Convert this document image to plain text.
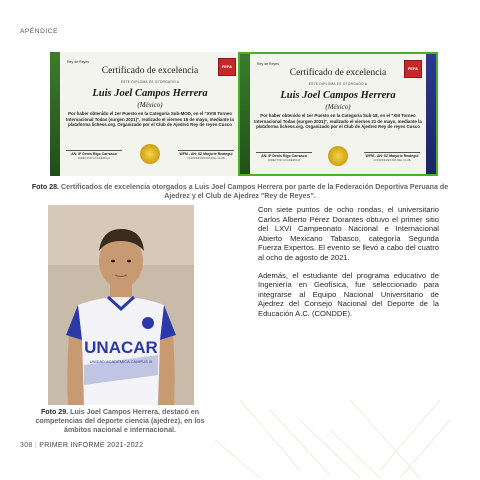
APÉNDICE
Rey de Reyes
FEPA
Certificado de excelencia
ESTE DIPLOMA ES OTORGADO A
Luis Joel Campos Herrera
(México)
Por haber obtenido el 1er Puesto en la Categoría Sub-MOD, en el "XVIII Torneo Internacional Todas (surgen 2021)", realizado el viernes 16 de mayo, mediante la plataforma lichess.org. Organizado por el Club de Ajedrez Rey de reyes Cusco
AN: IF Denis Rigo Carrasco
DIRECTOR ACADÉMICO
WFM - AN: IIZ Marjorie Reategui
COORDINADORA DEL CLUB
Rey de Reyes
FEPA
Certificado de excelencia
ESTE DIPLOMA ES OTORGADO A
Luis Joel Campos Herrera
(México)
Por haber obtenido el 1er Puesto en la Categoría Sub-18, en el "XIII Torneo Internacional Todas (surgen 2021)", realizado el viernes 21 de mayo, mediante la plataforma lichess.org. Organizado por el Club de Ajedrez Rey de reyes Cusco
AN: IF Denis Rigo Carrasco
DIRECTOR ACADÉMICO
WFM - AN: IIZ Marjorie Reategui
COORDINADORA DEL CLUB
Foto 28. Certificados de excelencia otorgados a Luis Joel Campos Herrera por parte de la Federación Deportiva Peruana de Ajedrez y el Club de Ajedrez "Rey de Reyes".
UNACAR
UNIDAD ACADÉMICA CAMPUS III
Foto 29. Luis Joel Campos Herrera, destacó en competencias del deporte ciencia (ajedrez), en los ámbitos nacional e internacional.

Con siete puntos de ocho rondas, el universitario Carlos Alberto Pérez Dorantes obtuvo el primer sitio del LXVI Campeonato Nacional e Internacional Abierto Mexicano Tabasco, categoría Segunda Fuerza Expertos. El evento se llevó a cabo del cuatro al ocho de agosto de 2021.

Además, el estudiante del programa educativo de Ingeniería en Geofísica, fue seleccionado para integrarse al Equipo Nacional Universitario de Ajedrez del Consejo Nacional del Deporte de la Educación A.C. (CONDDE).

308 | PRIMER INFORME 2021-2022
